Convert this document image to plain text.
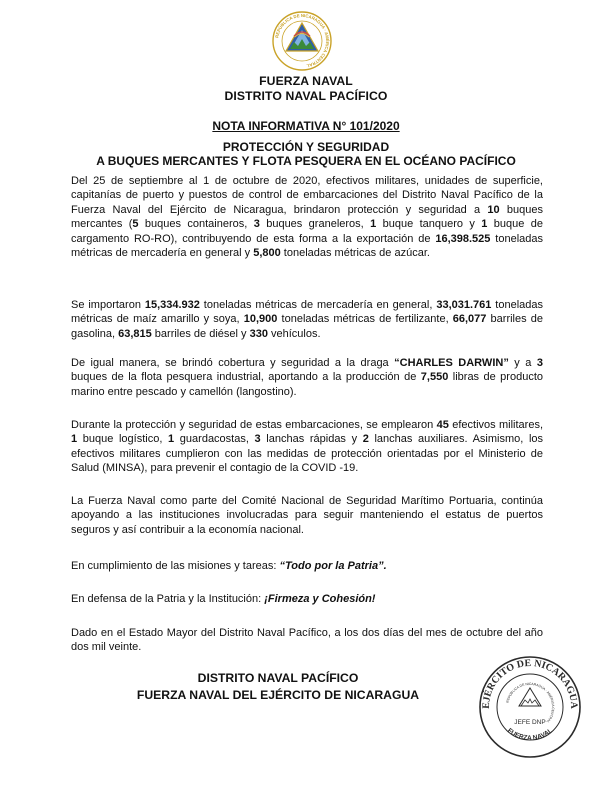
REPÚBLICA DE NICARAGUA · AMÉRICA CENTRAL
FUERZA NAVAL
DISTRITO NAVAL PACÍFICO
NOTA INFORMATIVA N° 101/2020
PROTECCIÓN Y SEGURIDAD
A BUQUES MERCANTES Y FLOTA PESQUERA EN EL OCÉANO PACÍFICO

Del 25 de septiembre al 1 de octubre de 2020, efectivos militares, unidades de superficie, capitanías de puerto y puestos de control de embarcaciones del Distrito Naval Pacífico de la Fuerza Naval del Ejército de Nicaragua, brindaron protección y seguridad a 10 buques mercantes (5 buques containeros, 3 buques graneleros, 1 buque tanquero y 1 buque de cargamento RO-RO), contribuyendo de esta forma a la exportación de 16,398.525 toneladas métricas de mercadería en general y 5,800 toneladas métricas de azúcar.

Se importaron 15,334.932 toneladas métricas de mercadería en general, 33,031.761 toneladas métricas de maíz amarillo y soya, 10,900 toneladas métricas de fertilizante, 66,077 barriles de gasolina, 63,815 barriles de diésel y 330 vehículos.

De igual manera, se brindó cobertura y seguridad a la draga “CHARLES DARWIN” y a 3 buques de la flota pesquera industrial, aportando a la producción de 7,550 libras de producto marino entre pescado y camellón (langostino).

Durante la protección y seguridad de estas embarcaciones, se emplearon 45 efectivos militares, 1 buque logístico, 1 guardacostas, 3 lanchas rápidas y 2 lanchas auxiliares. Asimismo, los efectivos militares cumplieron con las medidas de protección orientadas por el Ministerio de Salud (MINSA), para prevenir el contagio de la COVID -19.

La Fuerza Naval como parte del Comité Nacional de Seguridad Marítimo Portuaria, continúa apoyando a las instituciones involucradas para seguir manteniendo el estatus de puertos seguros y así contribuir a la economía nacional.

En cumplimiento de las misiones y tareas: “Todo por la Patria”.

En defensa de la Patria y la Institución: ¡Firmeza y Cohesión!

Dado en el Estado Mayor del Distrito Naval Pacífico, a los dos días del mes de octubre del año dos mil veinte.

DISTRITO NAVAL PACÍFICO
FUERZA NAVAL DEL EJÉRCITO DE NICARAGUA
EJÉRCITO DE NICARAGUA
FUERZA NAVAL
REPÚBLICA DE NICARAGUA · AMÉRICA CENTRAL
JEFE DNP
